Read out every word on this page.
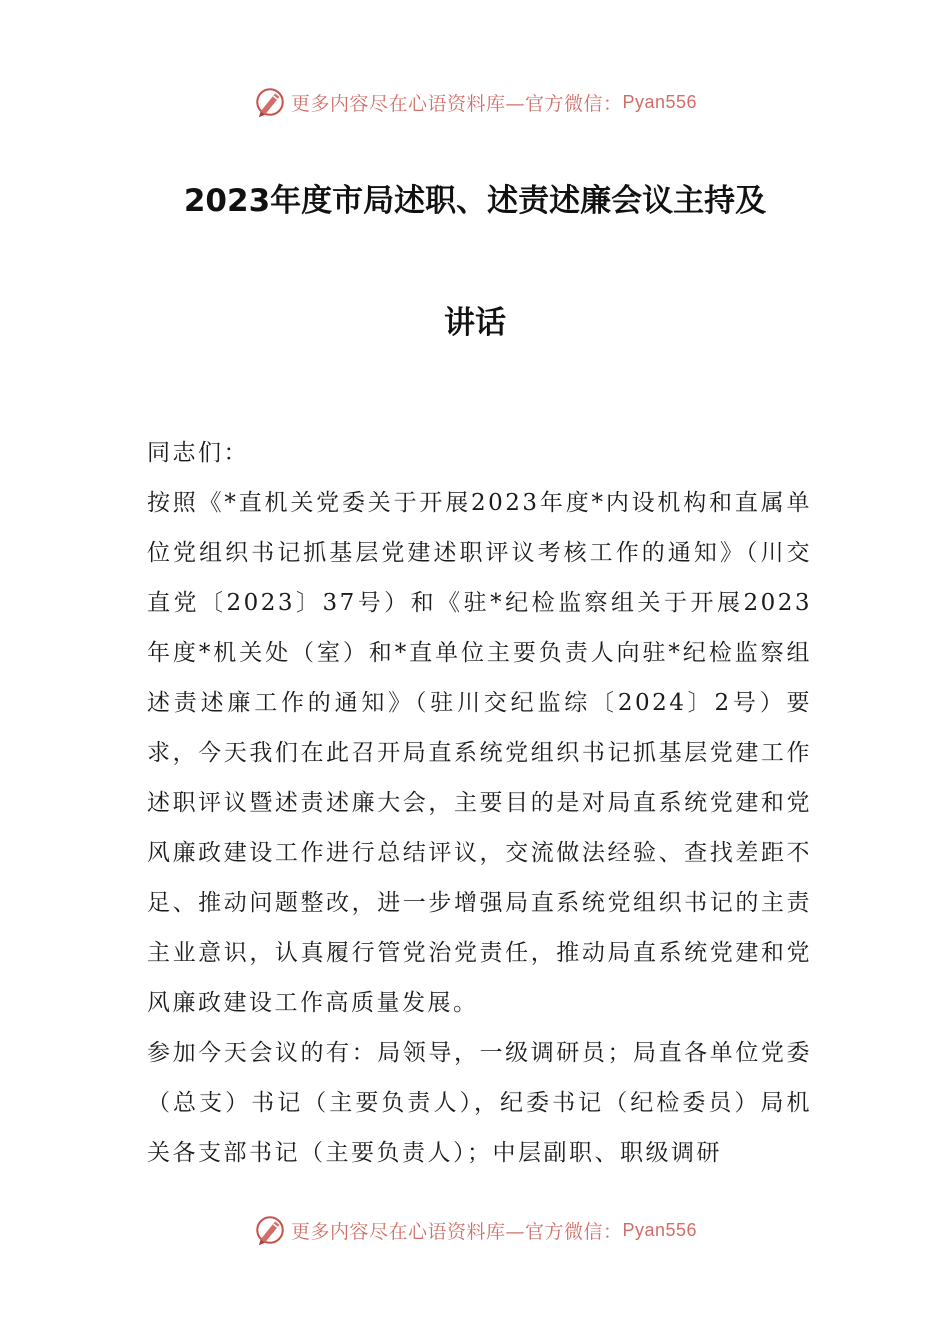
更多内容尽在心语资料库—官方微信： Pyan556
2023年度市局述职、述责述廉会议主持及
讲话

同志们：

按照《*直机关党委关于开展2023年度*内设机构和直属单位党组织书记抓基层党建述职评议考核工作的通知》（川交直党〔2023〕37号）和《驻*纪检监察组关于开展2023年度*机关处（室）和*直单位主要负责人向驻*纪检监察组述责述廉工作的通知》（驻川交纪监综〔2024〕2号）要求，今天我们在此召开局直系统党组织书记抓基层党建工作述职评议暨述责述廉大会，主要目的是对局直系统党建和党风廉政建设工作进行总结评议，交流做法经验、查找差距不足、推动问题整改，进一步增强局直系统党组织书记的主责主业意识，认真履行管党治党责任，推动局直系统党建和党风廉政建设工作高质量发展。

参加今天会议的有：局领导，一级调研员；局直各单位党委（总支）书记（主要负责人），纪委书记（纪检委员）局机关各支部书记（主要负责人）；中层副职、职级调研

更多内容尽在心语资料库—官方微信： Pyan556
